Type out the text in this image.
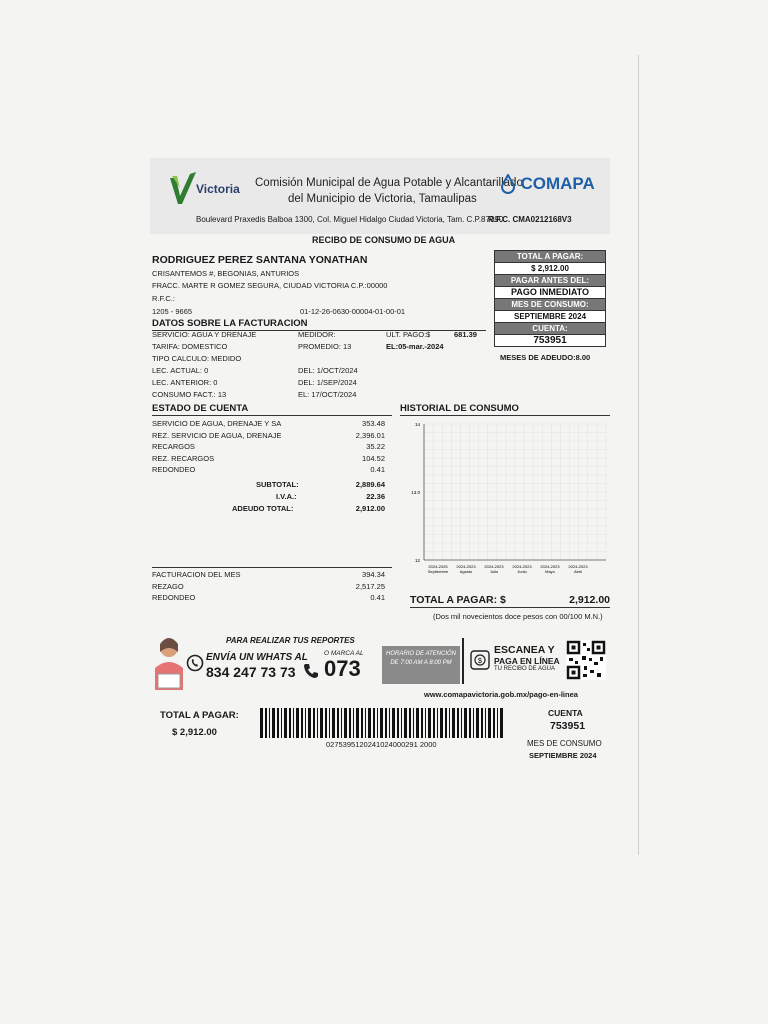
Victoria Comisión Municipal de Agua Potable y Alcantarillado
del Municipio de Victoria, Tamaulipas
COMAPA
Boulevard Praxedis Balboa 1300, Col. Miguel Hidalgo Ciudad Victoria, Tam. C.P.87090.
R.F.C. CMA0212168V3
RECIBO DE CONSUMO DE AGUA
RODRIGUEZ PEREZ SANTANA YONATHAN
CRISANTEMOS #, BEGONIAS, ANTURIOS
FRACC. MARTE R GOMEZ SEGURA, CIUDAD VICTORIA C.P.:00000
R.F.C.:
1205 - 9665	01-12-26-0630-00004-01-00-01
TOTAL A PAGAR:
$ 2,912.00
PAGAR ANTES DEL:
PAGO INMEDIATO
MES DE CONSUMO:
SEPTIEMBRE 2024
CUENTA:
753951
MESES DE ADEUDO:8.00
DATOS SOBRE LA FACTURACION
SERVICIO: AGUA Y DRENAJE	MEDIDOR:	ULT. PAGO:$	681.39
TARIFA: DOMESTICO	PROMEDIO: 13	EL:05-mar.-2024
TIPO CALCULO: MEDIDO
LEC. ACTUAL: 0	DEL: 1/OCT/2024
LEC. ANTERIOR: 0	DEL: 1/SEP/2024
CONSUMO FACT.: 13	EL: 17/OCT/2024
ESTADO DE CUENTA
SERVICIO DE AGUA, DRENAJE Y SA	353.48
REZ. SERVICIO DE AGUA, DRENAJE	2,396.01
RECARGOS	35.22
REZ. RECARGOS	104.52
REDONDEO	0.41
SUBTOTAL:	2,889.64
I.V.A.:	22.36
ADEUDO TOTAL:	2,912.00
FACTURACION DEL MES	394.34
REZAGO	2,517.25
REDONDEO	0.41
HISTORIAL DE CONSUMO
14
13.0
12
2024-2025 Septiembre
2024-2023 Agosto
2024-2023 Julio
2024-2023 Junio
2024-2023 Mayo
2024-2023 Abril
TOTAL A PAGAR: $	2,912.00
(Dos mil novecientos doce pesos con 00/100 M.N.)
PARA REALIZAR TUS REPORTES
ENVÍA UN WHATS AL
834 247 73 73
O MARCA AL
073
HORARIO DE ATENCIÓN DE 7:00 AM A 8:00 PM	$
ESCANEA Y
PAGA EN LÍNEA
TU RECIBO DE AGUA
www.comapavictoria.gob.mx/pago-en-linea
TOTAL A PAGAR:
$ 2,912.00
0275395120241024000291 2000
CUENTA
753951
MES DE CONSUMO
SEPTIEMBRE 2024
